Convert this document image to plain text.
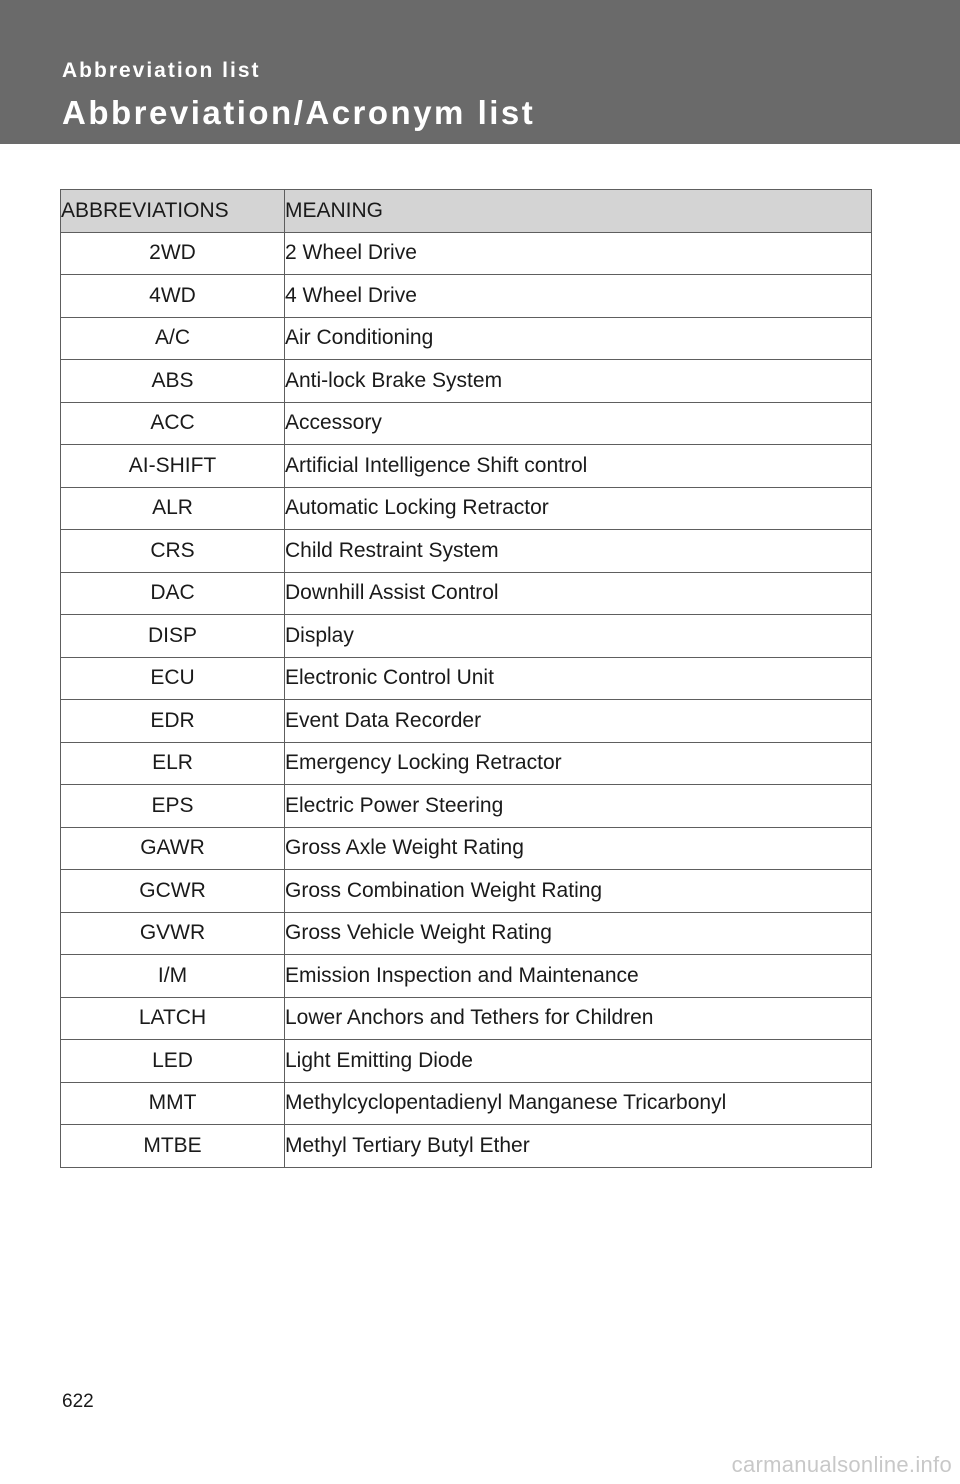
Abbreviation list
Abbreviation/Acronym list
ABBREVIATIONS	MEANING
2WD	2 Wheel Drive
4WD	4 Wheel Drive
A/C	Air Conditioning
ABS	Anti-lock Brake System
ACC	Accessory
AI-SHIFT	Artificial Intelligence Shift control
ALR	Automatic Locking Retractor
CRS	Child Restraint System
DAC	Downhill Assist Control
DISP	Display
ECU	Electronic Control Unit
EDR	Event Data Recorder
ELR	Emergency Locking Retractor
EPS	Electric Power Steering
GAWR	Gross Axle Weight Rating
GCWR	Gross Combination Weight Rating
GVWR	Gross Vehicle Weight Rating
I/M	Emission Inspection and Maintenance
LATCH	Lower Anchors and Tethers for Children
LED	Light Emitting Diode
MMT	Methylcyclopentadienyl Manganese Tricarbonyl
MTBE	Methyl Tertiary Butyl Ether
622
carmanualsonline.info
